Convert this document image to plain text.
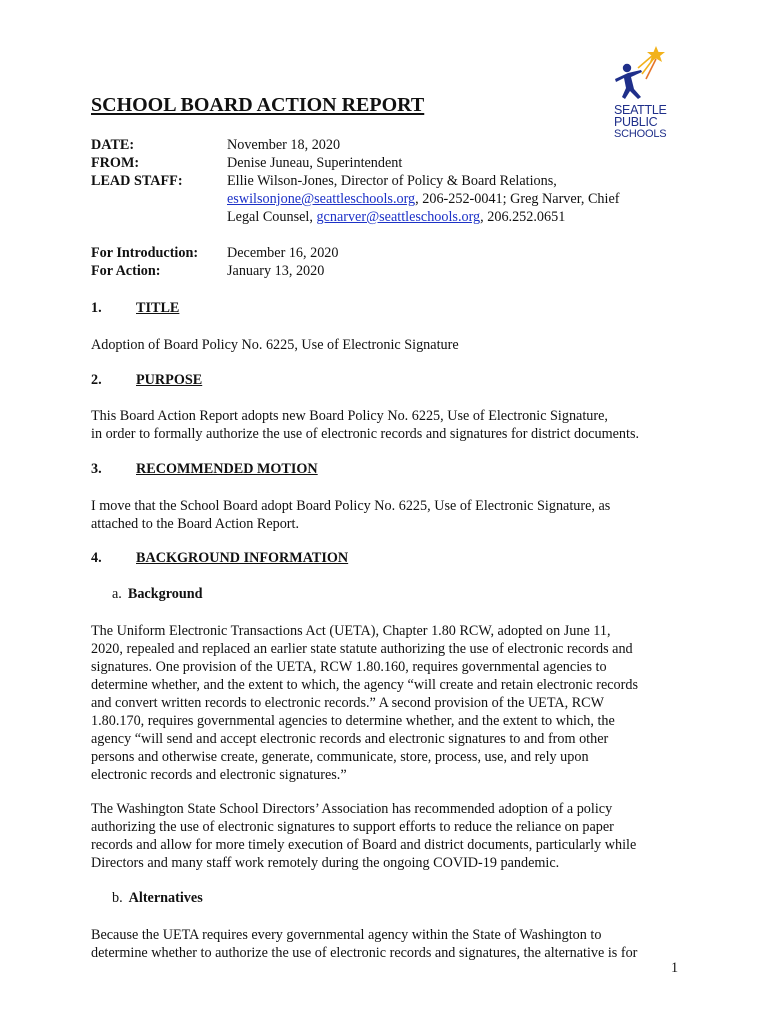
SEATTLE
PUBLIC
SCHOOLS
SCHOOL BOARD ACTION REPORT
DATE:	November 18, 2020
FROM:	Denise Juneau, Superintendent
LEAD STAFF:	Ellie Wilson-Jones, Director of Policy & Board Relations,
eswilsonjone@seattleschools.org, 206-252-0041; Greg Narver, Chief
Legal Counsel, gcnarver@seattleschools.org, 206.252.0651
For Introduction: December 16, 2020
For Action:	January 13, 2020
1. TITLE

Adoption of Board Policy No. 6225, Use of Electronic Signature

2. PURPOSE

This Board Action Report adopts new Board Policy No. 6225, Use of Electronic Signature,
in order to formally authorize the use of electronic records and signatures for district documents.

3. RECOMMENDED MOTION

I move that the School Board adopt Board Policy No. 6225, Use of Electronic Signature, as
attached to the Board Action Report.

4. BACKGROUND INFORMATION
a. Background

The Uniform Electronic Transactions Act (UETA), Chapter 1.80 RCW, adopted on June 11,
2020, repealed and replaced an earlier state statute authorizing the use of electronic records and
signatures. One provision of the UETA, RCW 1.80.160, requires governmental agencies to
determine whether, and the extent to which, the agency “will create and retain electronic records
and convert written records to electronic records.” A second provision of the UETA, RCW
1.80.170, requires governmental agencies to determine whether, and the extent to which, the
agency “will send and accept electronic records and electronic signatures to and from other
persons and otherwise create, generate, communicate, store, process, use, and rely upon
electronic records and electronic signatures.”

The Washington State School Directors’ Association has recommended adoption of a policy
authorizing the use of electronic signatures to support efforts to reduce the reliance on paper
records and allow for more timely execution of Board and district documents, particularly while
Directors and many staff work remotely during the ongoing COVID-19 pandemic.

b. Alternatives

Because the UETA requires every governmental agency within the State of Washington to
determine whether to authorize the use of electronic records and signatures, the alternative is for

1
